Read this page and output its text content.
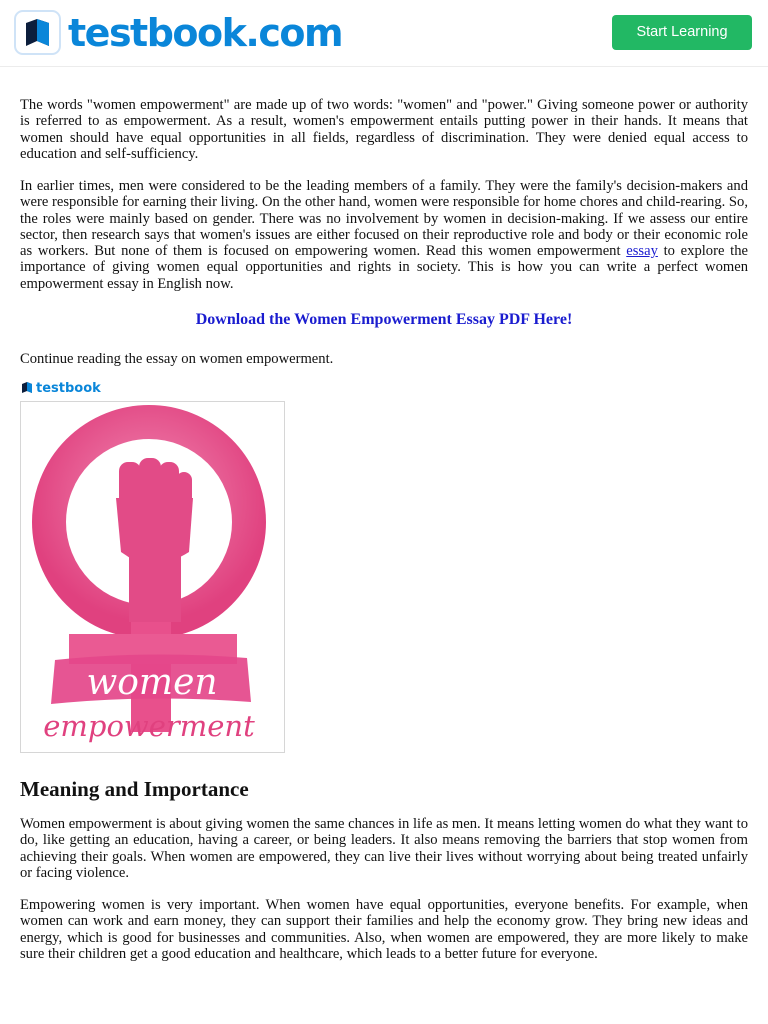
testbook.com	Start Learning

The words "women empowerment" are made up of two words: "women" and "power." Giving someone power or authority is referred to as empowerment. As a result, women's empowerment entails putting power in their hands. It means that women should have equal opportunities in all fields, regardless of discrimination. They were denied equal access to education and self-sufficiency.

In earlier times, men were considered to be the leading members of a family. They were the family's decision-makers and were responsible for earning their living. On the other hand, women were responsible for home chores and child-rearing. So, the roles were mainly based on gender. There was no involvement by women in decision-making. If we assess our entire sector, then research says that women's issues are either focused on their reproductive role and body or their economic role as workers. But none of them is focused on empowering women. Read this women empowerment essay to explore the importance of giving women equal opportunities and rights in society. This is how you can write a perfect women empowerment essay in English now.

Download the Women Empowerment Essay PDF Here!

Continue reading the essay on women empowerment.

testbook
women
empowerment
Meaning and Importance

Women empowerment is about giving women the same chances in life as men. It means letting women do what they want to do, like getting an education, having a career, or being leaders. It also means removing the barriers that stop women from achieving their goals. When women are empowered, they can live their lives without worrying about being treated unfairly or facing violence.

Empowering women is very important. When women have equal opportunities, everyone benefits. For example, when women can work and earn money, they can support their families and help the economy grow. They bring new ideas and energy, which is good for businesses and communities. Also, when women are empowered, they are more likely to make sure their children get a good education and healthcare, which leads to a better future for everyone.
